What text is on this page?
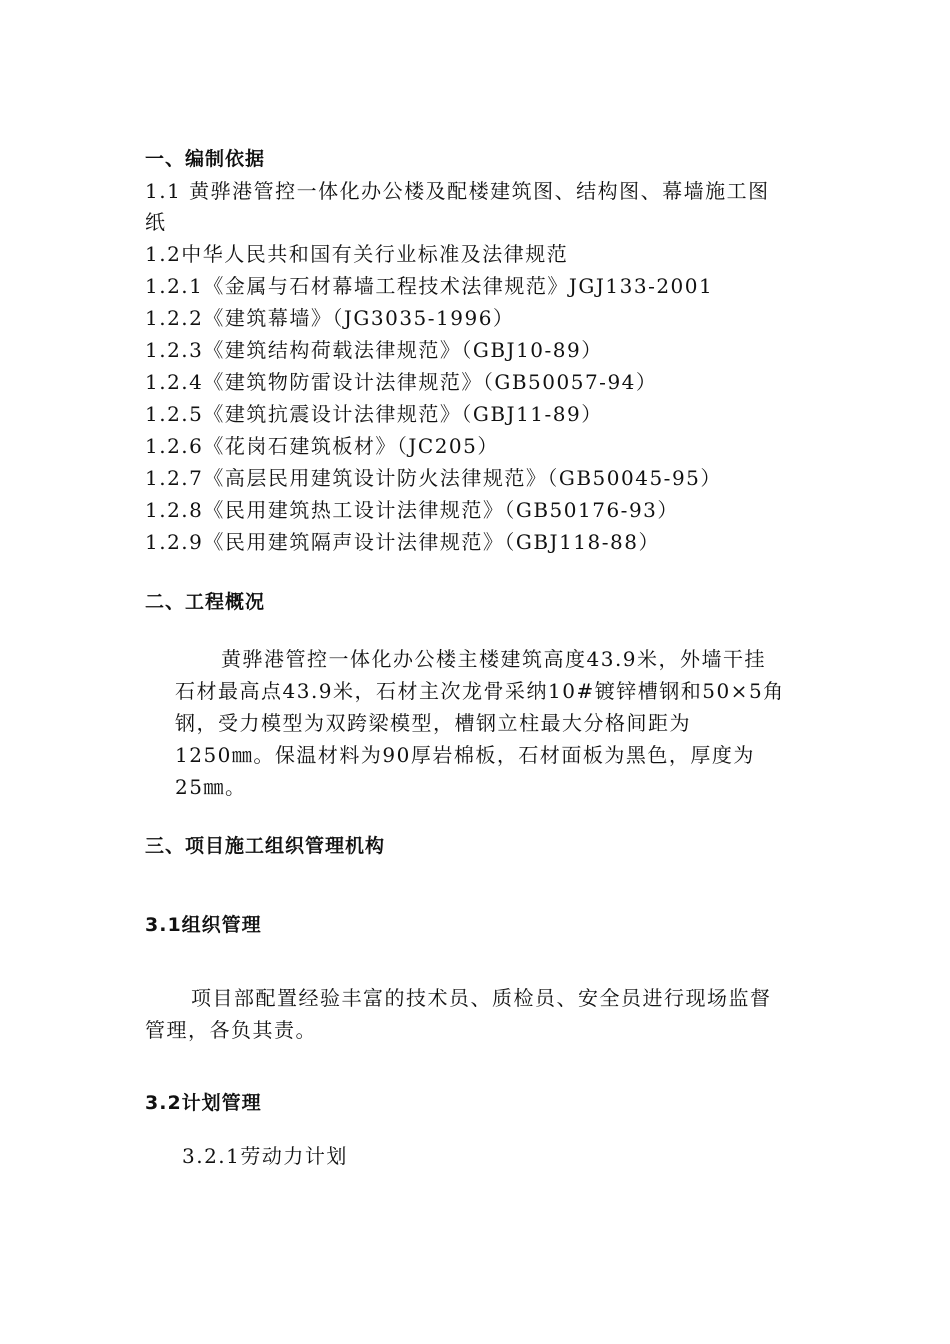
一、编制依据
1.1 黄骅港管控一体化办公楼及配楼建筑图、结构图、幕墙施工图
纸
1.2中华人民共和国有关行业标准及法律规范
1.2.1《金属与石材幕墙工程技术法律规范》JGJ133-2001
1.2.2《建筑幕墙》（JG3035-1996）
1.2.3《建筑结构荷载法律规范》（GBJ10-89）
1.2.4《建筑物防雷设计法律规范》（GB50057-94）
1.2.5《建筑抗震设计法律规范》（GBJ11-89）
1.2.6《花岗石建筑板材》（JC205）
1.2.7《高层民用建筑设计防火法律规范》（GB50045-95）
1.2.8《民用建筑热工设计法律规范》（GB50176-93）
1.2.9《民用建筑隔声设计法律规范》（GBJ118-88）
二、工程概况
黄骅港管控一体化办公楼主楼建筑高度43.9米，外墙干挂
石材最高点43.9米，石材主次龙骨采纳10#镀锌槽钢和50×5角
钢，受力模型为双跨梁模型，槽钢立柱最大分格间距为
1250㎜。保温材料为90厚岩棉板，石材面板为黑色，厚度为
25㎜。
三、项目施工组织管理机构
3.1组织管理
项目部配置经验丰富的技术员、质检员、安全员进行现场监督
管理，各负其责。
3.2计划管理
3.2.1劳动力计划
